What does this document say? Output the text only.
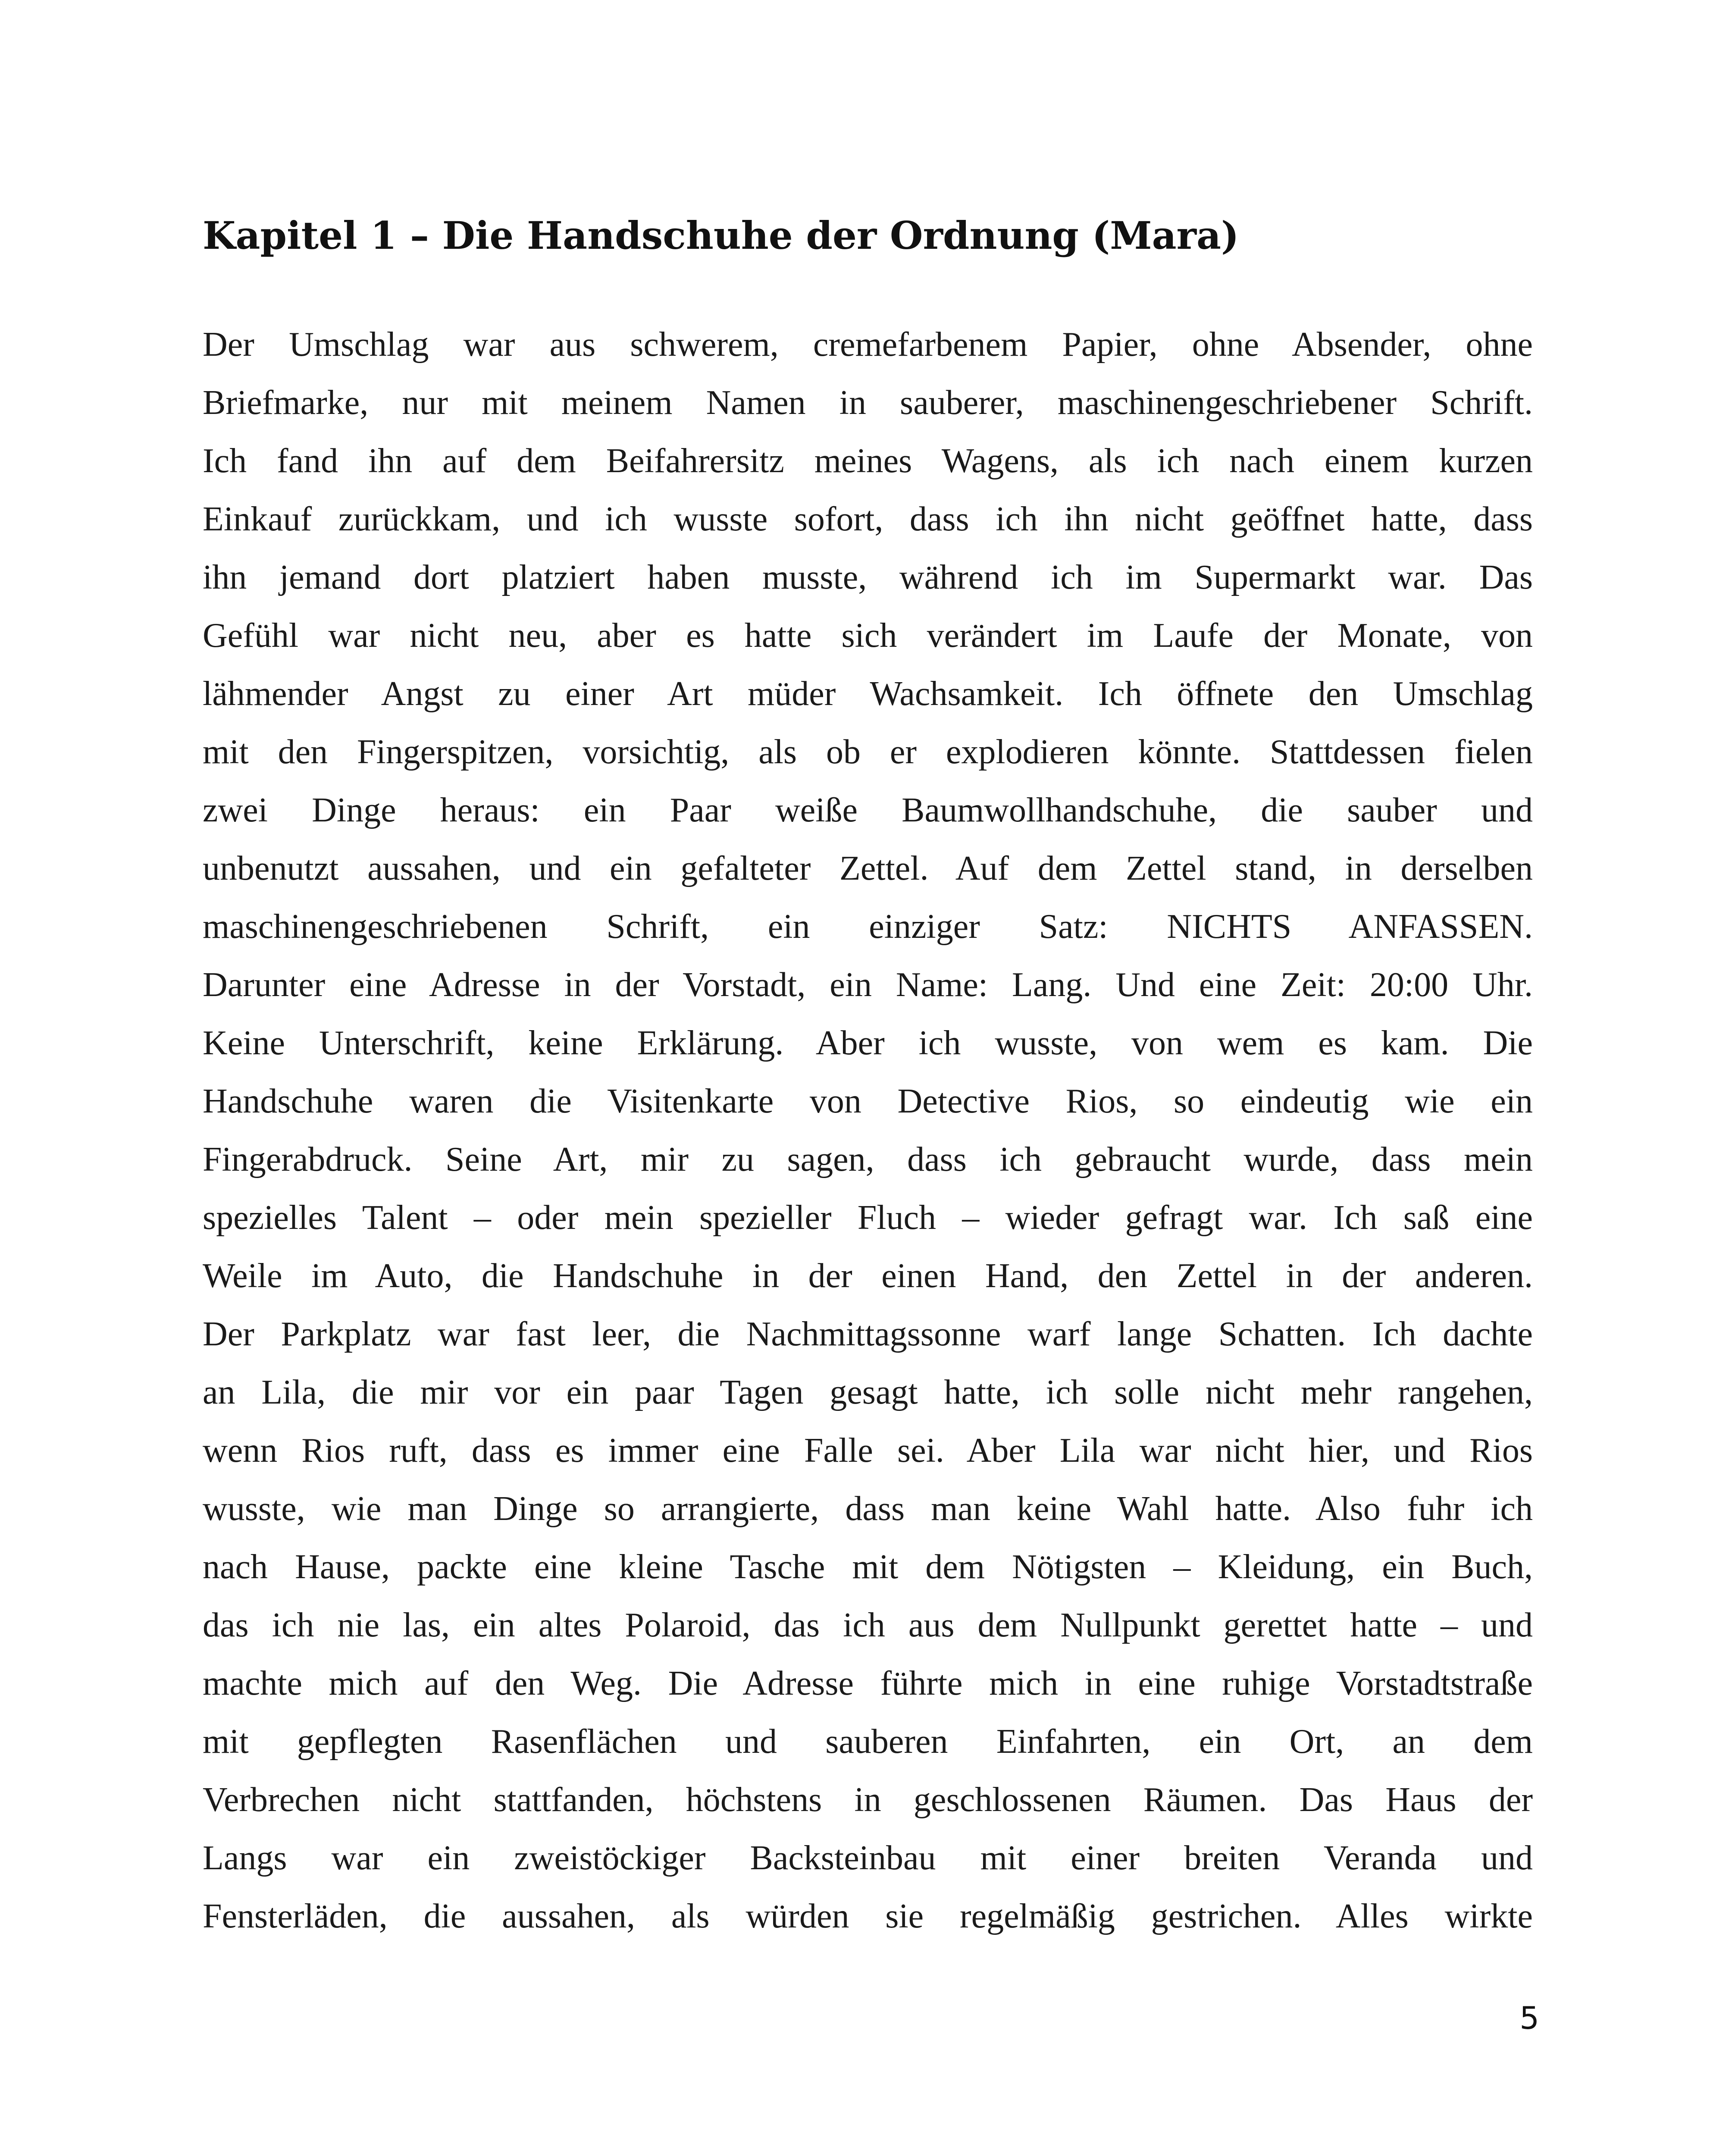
Kapitel 1 – Die Handschuhe der Ordnung (Mara)
Der Umschlag war aus schwerem, cremefarbenem Papier, ohne Absender, ohne
Briefmarke, nur mit meinem Namen in sauberer, maschinengeschriebener Schrift.
Ich fand ihn auf dem Beifahrersitz meines Wagens, als ich nach einem kurzen
Einkauf zurückkam, und ich wusste sofort, dass ich ihn nicht geöffnet hatte, dass
ihn jemand dort platziert haben musste, während ich im Supermarkt war. Das
Gefühl war nicht neu, aber es hatte sich verändert im Laufe der Monate, von
lähmender Angst zu einer Art müder Wachsamkeit. Ich öffnete den Umschlag
mit den Fingerspitzen, vorsichtig, als ob er explodieren könnte. Stattdessen fielen
zwei Dinge heraus: ein Paar weiße Baumwollhandschuhe, die sauber und
unbenutzt aussahen, und ein gefalteter Zettel. Auf dem Zettel stand, in derselben
maschinengeschriebenen Schrift, ein einziger Satz: NICHTS ANFASSEN.
Darunter eine Adresse in der Vorstadt, ein Name: Lang. Und eine Zeit: 20:00 Uhr.
Keine Unterschrift, keine Erklärung. Aber ich wusste, von wem es kam. Die
Handschuhe waren die Visitenkarte von Detective Rios, so eindeutig wie ein
Fingerabdruck. Seine Art, mir zu sagen, dass ich gebraucht wurde, dass mein
spezielles Talent – oder mein spezieller Fluch – wieder gefragt war. Ich saß eine
Weile im Auto, die Handschuhe in der einen Hand, den Zettel in der anderen.
Der Parkplatz war fast leer, die Nachmittagssonne warf lange Schatten. Ich dachte
an Lila, die mir vor ein paar Tagen gesagt hatte, ich solle nicht mehr rangehen,
wenn Rios ruft, dass es immer eine Falle sei. Aber Lila war nicht hier, und Rios
wusste, wie man Dinge so arrangierte, dass man keine Wahl hatte. Also fuhr ich
nach Hause, packte eine kleine Tasche mit dem Nötigsten – Kleidung, ein Buch,
das ich nie las, ein altes Polaroid, das ich aus dem Nullpunkt gerettet hatte – und
machte mich auf den Weg. Die Adresse führte mich in eine ruhige Vorstadtstraße
mit gepflegten Rasenflächen und sauberen Einfahrten, ein Ort, an dem
Verbrechen nicht stattfanden, höchstens in geschlossenen Räumen. Das Haus der
Langs war ein zweistöckiger Backsteinbau mit einer breiten Veranda und
Fensterläden, die aussahen, als würden sie regelmäßig gestrichen. Alles wirkte
5
